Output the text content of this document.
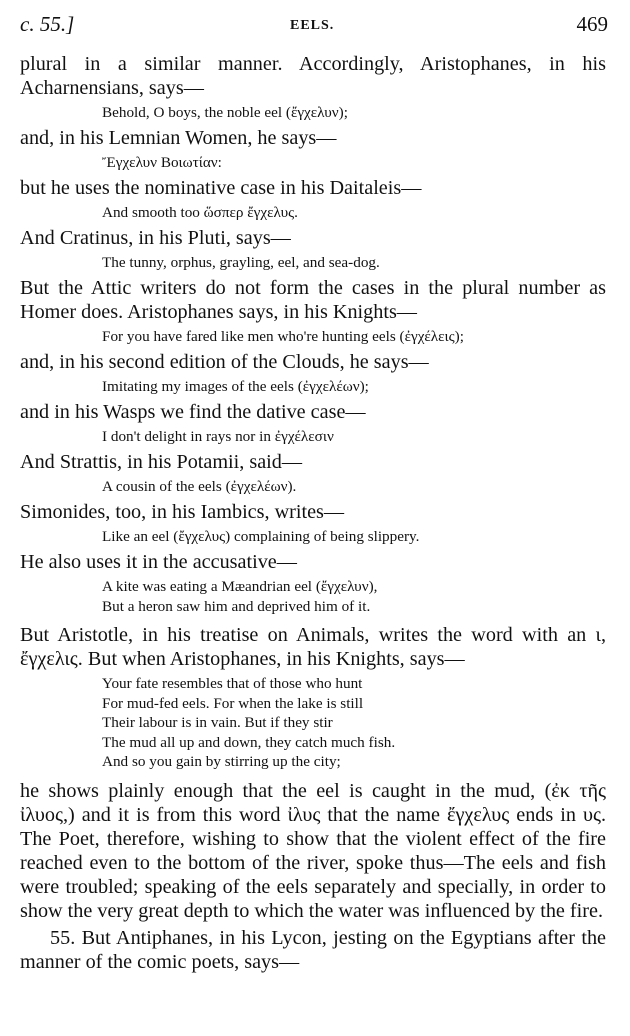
c. 55.]	EELS.	469

plural in a similar manner. Accordingly, Aristophanes, in his Acharnensians, says—

Behold, O boys, the noble eel (ἔγχελυν);

and, in his Lemnian Women, he says—

Ἔγχελυν Βοιωτίαν:

but he uses the nominative case in his Daitaleis—

And smooth too ὥσπερ ἔγχελυς.

And Cratinus, in his Pluti, says—

The tunny, orphus, grayling, eel, and sea-dog.

But the Attic writers do not form the cases in the plural number as Homer does. Aristophanes says, in his Knights—

For you have fared like men who're hunting eels (ἐγχέλεις);

and, in his second edition of the Clouds, he says—

Imitating my images of the eels (ἐγχελέων);

and in his Wasps we find the dative case—

I don't delight in rays nor in ἐγχέλεσιν

And Strattis, in his Potamii, said—

A cousin of the eels (ἐγχελέων).

Simonides, too, in his Iambics, writes—

Like an eel (ἔγχελυς) complaining of being slippery.

He also uses it in the accusative—

A kite was eating a Mæandrian eel (ἔγχελυν),
But a heron saw him and deprived him of it.

But Aristotle, in his treatise on Animals, writes the word with an ι, ἔγχελις. But when Aristophanes, in his Knights, says—

Your fate resembles that of those who hunt
For mud-fed eels. For when the lake is still
Their labour is in vain. But if they stir
The mud all up and down, they catch much fish.
And so you gain by stirring up the city;

he shows plainly enough that the eel is caught in the mud, (ἐκ τῆς ἰλυος,) and it is from this word ἰλυς that the name ἔγχελυς ends in υς. The Poet, therefore, wishing to show that the violent effect of the fire reached even to the bottom of the river, spoke thus—The eels and fish were troubled; speaking of the eels separately and specially, in order to show the very great depth to which the water was influenced by the fire.

55. But Antiphanes, in his Lycon, jesting on the Egyptians after the manner of the comic poets, says—
